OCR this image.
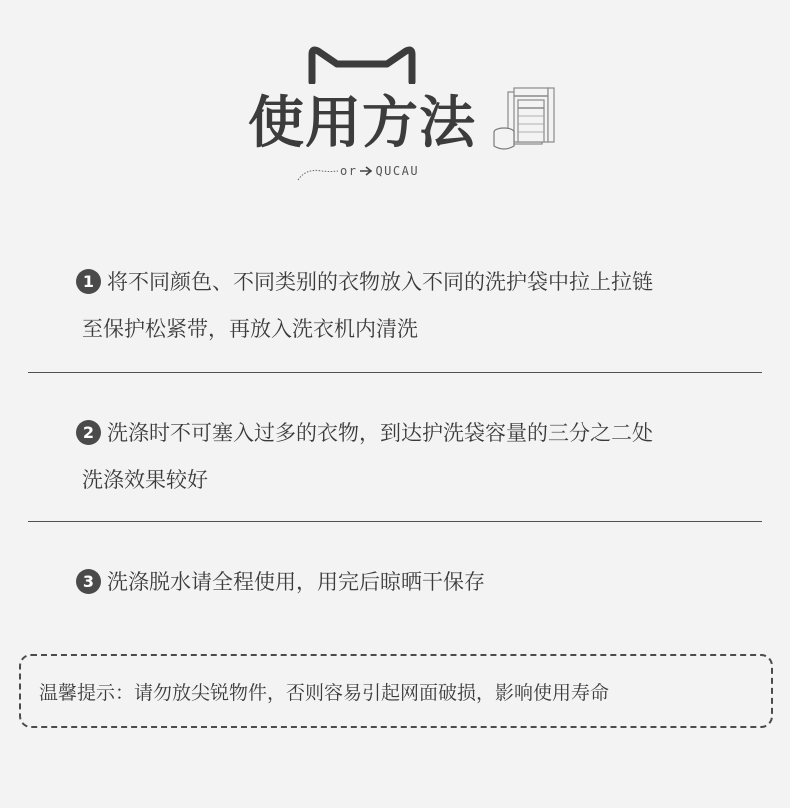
使用方法
or QUCAU
1 将不同颜色、不同类别的衣物放入不同的洗护袋中拉上拉链
至保护松紧带，再放入洗衣机内清洗
2 洗涤时不可塞入过多的衣物，到达护洗袋容量的三分之二处
洗涤效果较好
3 洗涤脱水请全程使用，用完后晾晒干保存
温馨提示：请勿放尖锐物件，否则容易引起网面破损，影响使用寿命
